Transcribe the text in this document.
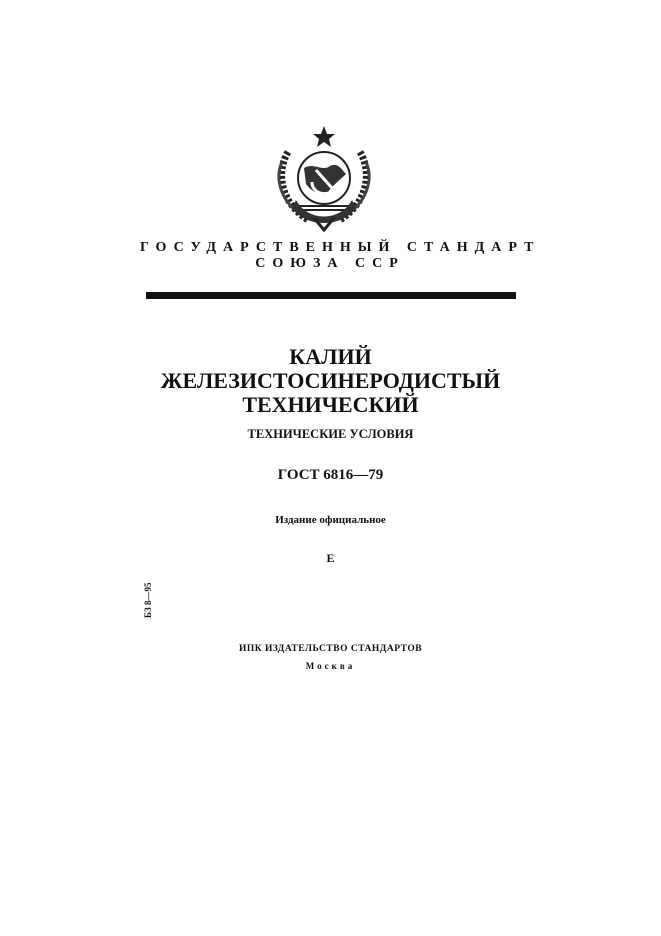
ГОСУДАРСТВЕННЫЙ СТАНДАРТ

СОЮЗА ССР

КАЛИЙ
ЖЕЛЕЗИСТОСИНЕРОДИСТЫЙ
ТЕХНИЧЕСКИЙ

ТЕХНИЧЕСКИЕ УСЛОВИЯ

ГОСТ 6816—79

Издание официальное

Е

БЗ 8—95

ИПК ИЗДАТЕЛЬСТВО СТАНДАРТОВ

Москва
